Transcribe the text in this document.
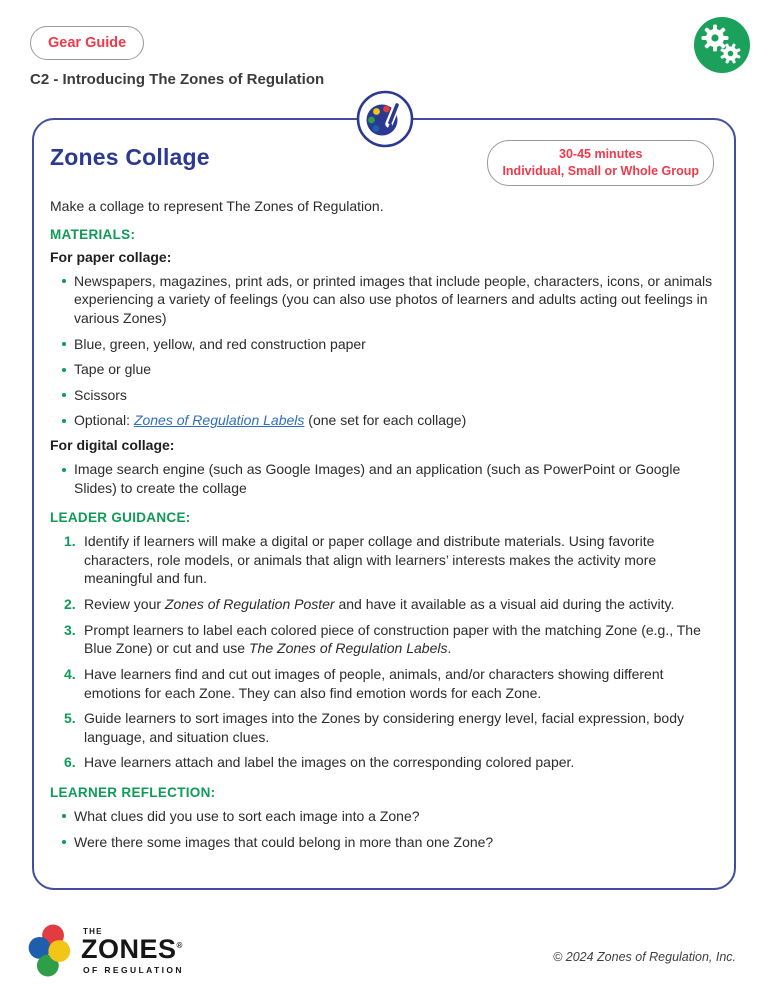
Gear Guide
C2 - Introducing The Zones of Regulation
Zones Collage	30-45 minutes
Individual, Small or Whole Group
Make a collage to represent The Zones of Regulation.
MATERIALS:
For paper collage:
Newspapers, magazines, print ads, or printed images that include people, characters, icons, or animals experiencing a variety of feelings (you can also use photos of learners and adults acting out feelings in various Zones)
Blue, green, yellow, and red construction paper
Tape or glue
Scissors
Optional: Zones of Regulation Labels (one set for each collage)
For digital collage:
Image search engine (such as Google Images) and an application (such as PowerPoint or Google Slides) to create the collage
LEADER GUIDANCE:
Identify if learners will make a digital or paper collage and distribute materials. Using favorite characters, role models, or animals that align with learners’ interests makes the activity more meaningful and fun.
Review your Zones of Regulation Poster and have it available as a visual aid during the activity.
Prompt learners to label each colored piece of construction paper with the matching Zone (e.g., The Blue Zone) or cut and use The Zones of Regulation Labels.
Have learners find and cut out images of people, animals, and/or characters showing different emotions for each Zone. They can also find emotion words for each Zone.
Guide learners to sort images into the Zones by considering energy level, facial expression, body language, and situation clues.
Have learners attach and label the images on the corresponding colored paper.
LEARNER REFLECTION:
What clues did you use to sort each image into a Zone?
Were there some images that could belong in more than one Zone?
THE
ZONES®
OF REGULATION
© 2024 Zones of Regulation, Inc.
